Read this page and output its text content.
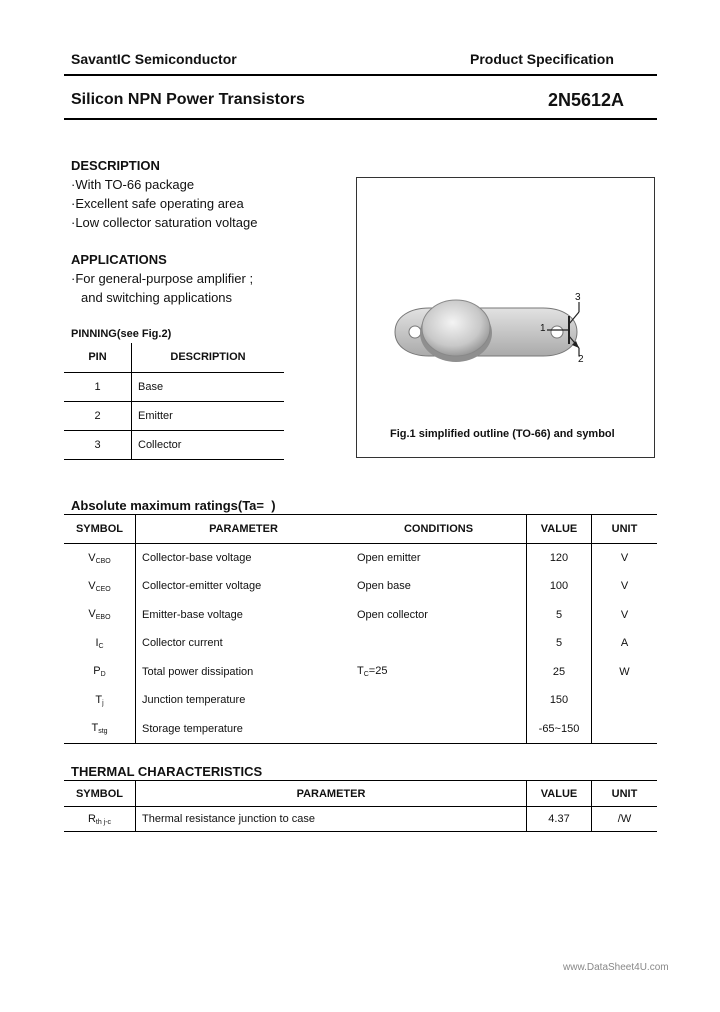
SavantIC Semiconductor	Product Specification
Silicon NPN Power Transistors	2N5612A
DESCRIPTION
·With TO-66 package
·Excellent safe operating area
·Low collector saturation voltage
APPLICATIONS
·For general-purpose amplifier ;
and switching applications
PINNING(see Fig.2)
PIN	DESCRIPTION
1	Base
2	Emitter
3	Collector
1
2
3
Fig.1 simplified outline (TO-66) and symbol
Absolute maximum ratings(Ta= )
SYMBOL	PARAMETER	CONDITIONS	VALUE	UNIT
$V_{CBO}$	Collector-base voltage	Open emitter	120	V
$V_{CEO}$	Collector-emitter voltage	Open base	100	V
$V_{EBO}$	Emitter-base voltage	Open collector	5	V
$I_C$	Collector current		5	A
$P_D$	Total power dissipation	$T_C=25$	25	W
$T_j$	Junction temperature		150	
$T_{stg}$	Storage temperature		-65~150	
THERMAL CHARACTERISTICS
SYMBOL	PARAMETER	VALUE	UNIT
$R_{th j-c}$	Thermal resistance junction to case	4.37	/W
www.DataSheet4U.com
